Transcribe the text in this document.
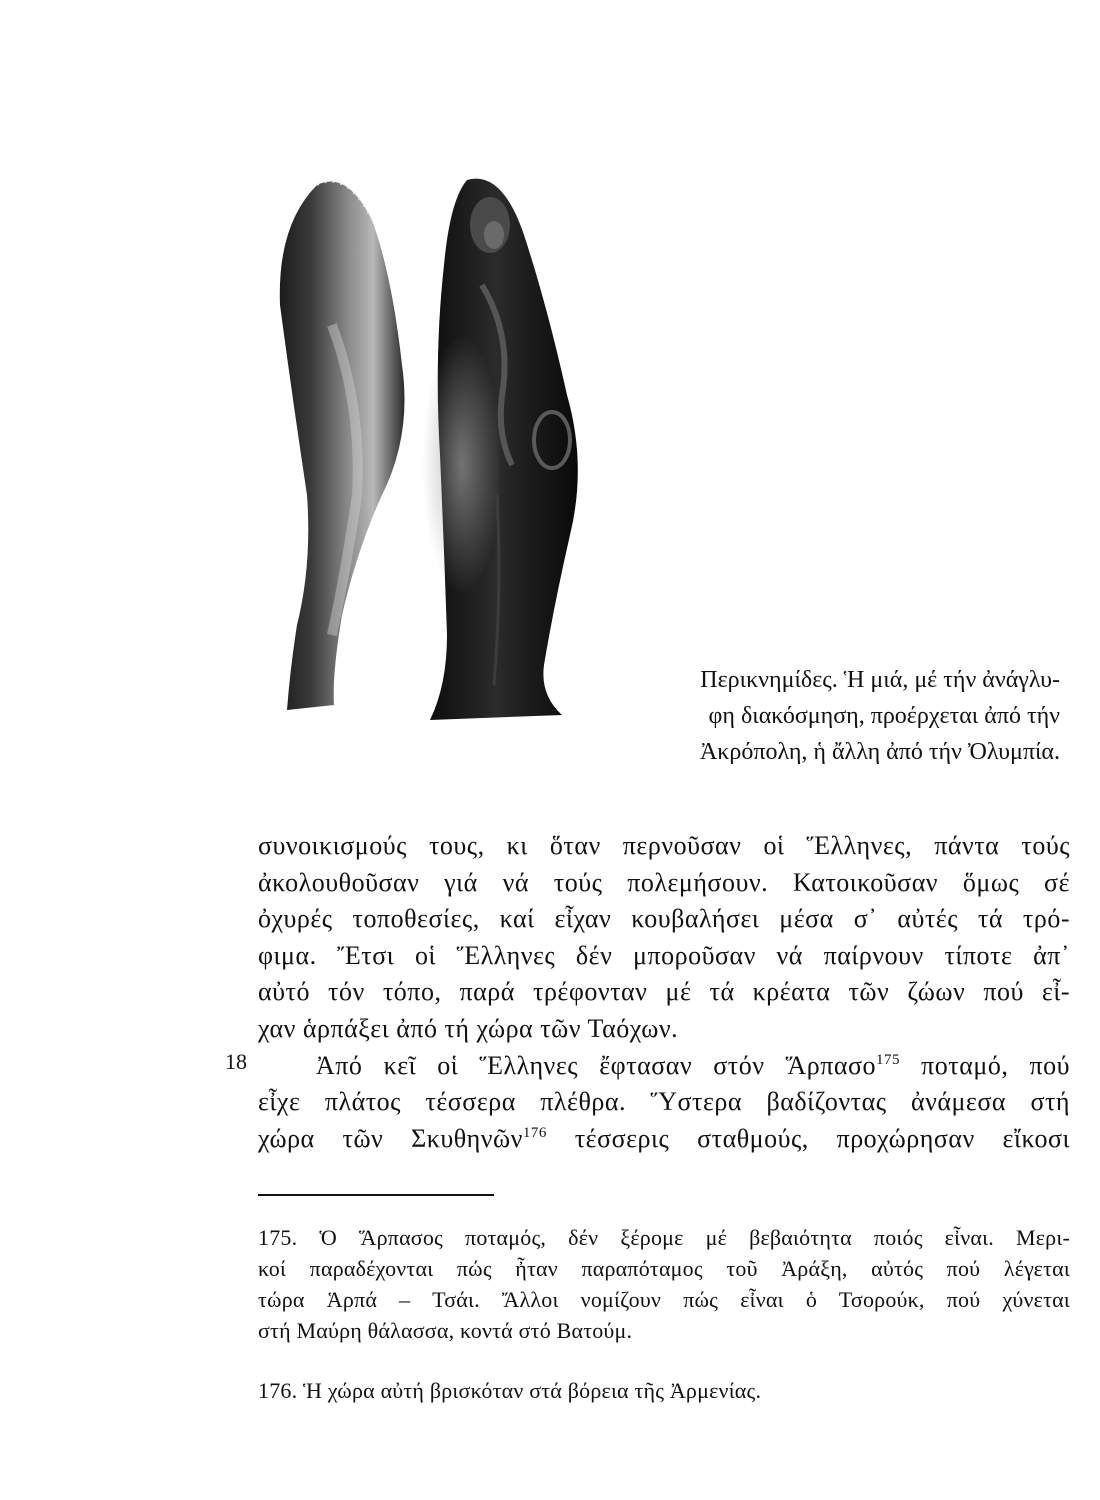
Περικνημίδες. Ἡ μιά, μέ τήν ἀνάγλυ-
φη διακόσμηση, προέρχεται ἀπό τήν
Ἀκρόπολη, ἡ ἄλλη ἀπό τήν Ὀλυμπία.
συνοικισμούς τους, κι ὅταν περνοῦσαν οἱ Ἕλληνες, πάντα τούς
ἀκολουθοῦσαν γιά νά τούς πολεμήσουν. Κατοικοῦσαν ὅμως σέ
ὀχυρές τοποθεσίες, καί εἶχαν κουβαλήσει μέσα σ᾽ αὐτές τά τρό-
φιμα. Ἔτσι οἱ Ἕλληνες δέν μποροῦσαν νά παίρνουν τίποτε ἀπ᾽
αὐτό τόν τόπο, παρά τρέφονταν μέ τά κρέατα τῶν ζώων πού εἶ-
χαν ἁρπάξει ἀπό τή χώρα τῶν Ταόχων.
Ἀπό κεῖ οἱ Ἕλληνες ἔφτασαν στόν Ἅρπασο$^{175}$ ποταμό, πού
εἶχε πλάτος τέσσερα πλέθρα. Ὕστερα βαδίζοντας ἀνάμεσα στή
χώρα τῶν Σκυθηνῶν$^{176}$ τέσσερις σταθμούς, προχώρησαν εἴκοσι
18
175. Ὁ Ἅρπασος ποταμός, δέν ξέρομε μέ βεβαιότητα ποιός εἶναι. Μερι-
κοί παραδέχονται πώς ἦταν παραπόταμος τοῦ Ἀράξη, αὐτός πού λέγεται
τώρα Ἁρπά – Τσάι. Ἄλλοι νομίζουν πώς εἶναι ὁ Τσορούκ, πού χύνεται
στή Μαύρη θάλασσα, κοντά στό Βατούμ.
176. Ἡ χώρα αὐτή βρισκόταν στά βόρεια τῆς Ἀρμενίας.
